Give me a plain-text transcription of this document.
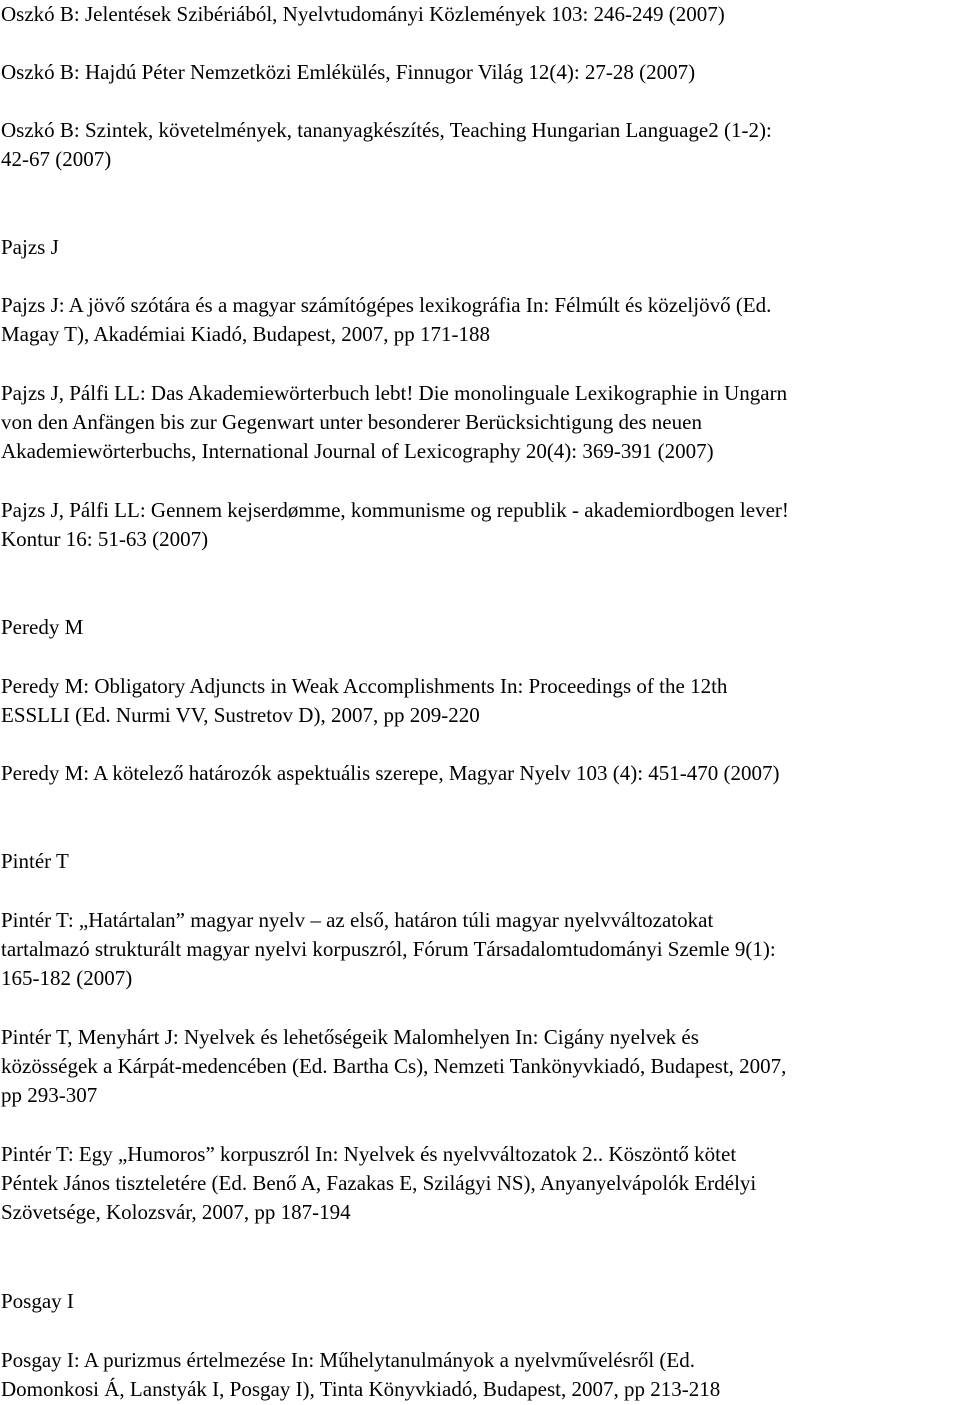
Oszkó B: Jelentések Szibériából, Nyelvtudományi Közlemények 103: 246-249 (2007)
Oszkó B: Hajdú Péter Nemzetközi Emlékülés, Finnugor Világ 12(4): 27-28 (2007)
Oszkó B: Szintek, követelmények, tananyagkészítés, Teaching Hungarian Language2 (1-2):
42-67 (2007)
Pajzs J
Pajzs J: A jövő szótára és a magyar számítógépes lexikográfia In: Félmúlt és közeljövő (Ed.
Magay T), Akadémiai Kiadó, Budapest, 2007, pp 171-188
Pajzs J, Pálfi LL: Das Akademiewörterbuch lebt! Die monolinguale Lexikographie in Ungarn
von den Anfängen bis zur Gegenwart unter besonderer Berücksichtigung des neuen
Akademiewörterbuchs, International Journal of Lexicography 20(4): 369-391 (2007)
Pajzs J, Pálfi LL: Gennem kejserdømme, kommunisme og republik - akademiordbogen lever!
Kontur 16: 51-63 (2007)
Peredy M
Peredy M: Obligatory Adjuncts in Weak Accomplishments In: Proceedings of the 12th
ESSLLI (Ed. Nurmi VV, Sustretov D), 2007, pp 209-220
Peredy M: A kötelező határozók aspektuális szerepe, Magyar Nyelv 103 (4): 451-470 (2007)
Pintér T
Pintér T: „Határtalan” magyar nyelv – az első, határon túli magyar nyelvváltozatokat
tartalmazó strukturált magyar nyelvi korpuszról, Fórum Társadalomtudományi Szemle 9(1):
165-182 (2007)
Pintér T, Menyhárt J: Nyelvek és lehetőségeik Malomhelyen In: Cigány nyelvek és
közösségek a Kárpát-medencében (Ed. Bartha Cs), Nemzeti Tankönyvkiadó, Budapest, 2007,
pp 293-307
Pintér T: Egy „Humoros” korpuszról In: Nyelvek és nyelvváltozatok 2.. Köszöntő kötet
Péntek János tiszteletére (Ed. Benő A, Fazakas E, Szilágyi NS), Anyanyelvápolók Erdélyi
Szövetsége, Kolozsvár, 2007, pp 187-194
Posgay I
Posgay I: A purizmus értelmezése In: Műhelytanulmányok a nyelvművelésről (Ed.
Domonkosi Á, Lanstyák I, Posgay I), Tinta Könyvkiadó, Budapest, 2007, pp 213-218
